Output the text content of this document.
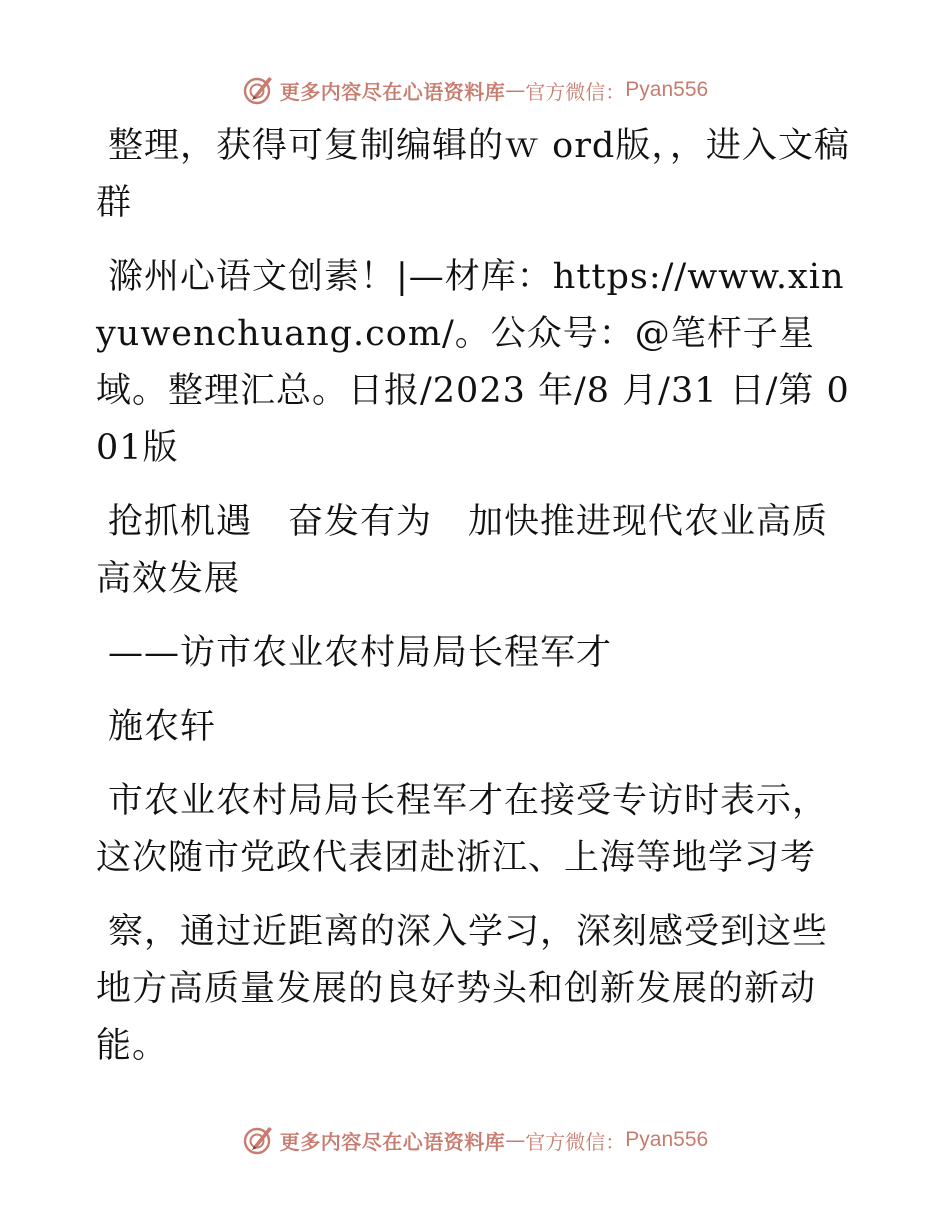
更多内容尽在心语资料库 — 官方微信： Pyan556

整理，获得可复制编辑的ｗ ord版，，进入文稿群

滁州心语文创素！|—材库：https://www.xinyuwenchuang.com/。公众号：@笔杆子星域。整理汇总。日报/2023 年/8 月/31 日/第 001版

抢抓机遇　奋发有为　加快推进现代农业高质高效发展

——访市农业农村局局长程军才

施农轩

市农业农村局局长程军才在接受专访时表示，这次随市党政代表团赴浙江、上海等地学习考

察，通过近距离的深入学习，深刻感受到这些地方高质量发展的良好势头和创新发展的新动能。

更多内容尽在心语资料库 — 官方微信： Pyan556
